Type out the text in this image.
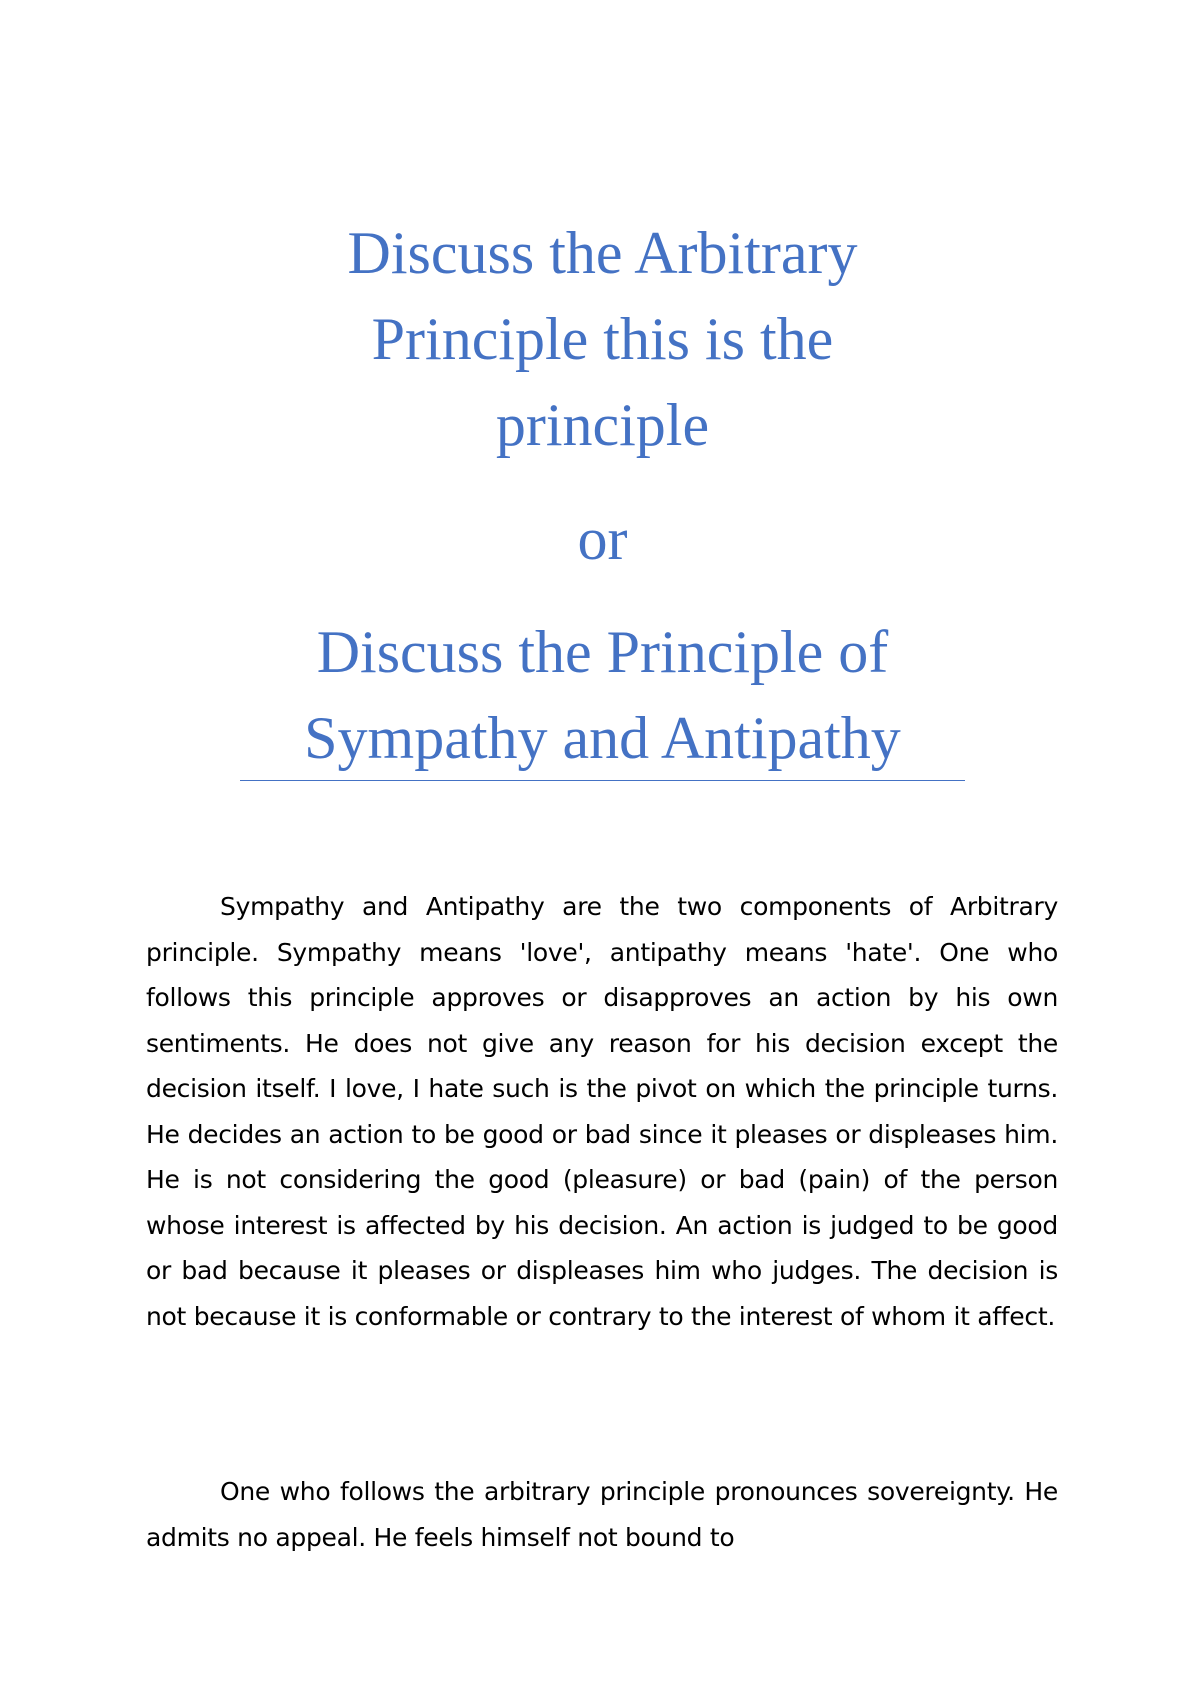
Discuss the Arbitrary
Principle this is the
principle
or
Discuss the Principle of
Sympathy and Antipathy

Sympathy and Antipathy are the two components of Arbitrary principle. Sympathy means 'love', antipathy means 'hate'. One who follows this principle approves or disapproves an action by his own sentiments. He does not give any reason for his decision except the decision itself. I love, I hate such is the pivot on which the principle turns. He decides an action to be good or bad since it pleases or displeases him. He is not considering the good (pleasure) or bad (pain) of the person whose interest is affected by his decision. An action is judged to be good or bad because it pleases or displeases him who judges. The decision is not because it is conformable or contrary to the interest of whom it affect.

One who follows the arbitrary principle pronounces sovereignty. He admits no appeal. He feels himself not bound to
